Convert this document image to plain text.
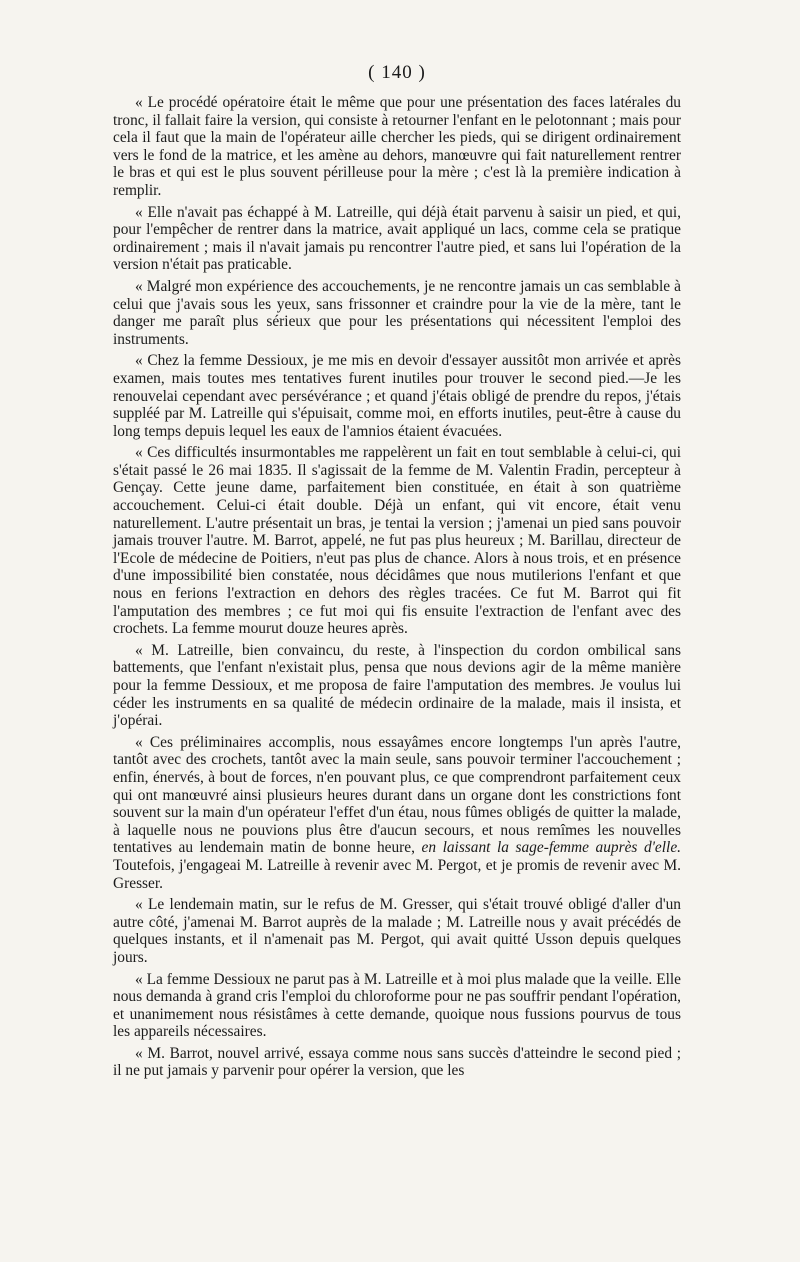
( 140 )

« Le procédé opératoire était le même que pour une présentation des faces latérales du tronc, il fallait faire la version, qui consiste à retourner l'enfant en le pelotonnant ; mais pour cela il faut que la main de l'opérateur aille chercher les pieds, qui se dirigent ordinairement vers le fond de la matrice, et les amène au dehors, manœuvre qui fait naturellement rentrer le bras et qui est le plus souvent périlleuse pour la mère ; c'est là la première indication à remplir.

« Elle n'avait pas échappé à M. Latreille, qui déjà était parvenu à saisir un pied, et qui, pour l'empêcher de rentrer dans la matrice, avait appliqué un lacs, comme cela se pratique ordinairement ; mais il n'avait jamais pu rencontrer l'autre pied, et sans lui l'opération de la version n'était pas praticable.

« Malgré mon expérience des accouchements, je ne rencontre jamais un cas semblable à celui que j'avais sous les yeux, sans frissonner et craindre pour la vie de la mère, tant le danger me paraît plus sérieux que pour les présentations qui nécessitent l'emploi des instruments.

« Chez la femme Dessioux, je me mis en devoir d'essayer aussitôt mon arrivée et après examen, mais toutes mes tentatives furent inutiles pour trouver le second pied.—Je les renouvelai cependant avec persévérance ; et quand j'étais obligé de prendre du repos, j'étais suppléé par M. Latreille qui s'épuisait, comme moi, en efforts inutiles, peut-être à cause du long temps depuis lequel les eaux de l'amnios étaient évacuées.

« Ces difficultés insurmontables me rappelèrent un fait en tout semblable à celui-ci, qui s'était passé le 26 mai 1835. Il s'agissait de la femme de M. Valentin Fradin, percepteur à Gençay. Cette jeune dame, parfaitement bien constituée, en était à son quatrième accouchement. Celui-ci était double. Déjà un enfant, qui vit encore, était venu naturellement. L'autre présentait un bras, je tentai la version ; j'amenai un pied sans pouvoir jamais trouver l'autre. M. Barrot, appelé, ne fut pas plus heureux ; M. Barillau, directeur de l'Ecole de médecine de Poitiers, n'eut pas plus de chance. Alors à nous trois, et en présence d'une impossibilité bien constatée, nous décidâmes que nous mutilerions l'enfant et que nous en ferions l'extraction en dehors des règles tracées. Ce fut M. Barrot qui fit l'amputation des membres ; ce fut moi qui fis ensuite l'extraction de l'enfant avec des crochets. La femme mourut douze heures après.

« M. Latreille, bien convaincu, du reste, à l'inspection du cordon ombilical sans battements, que l'enfant n'existait plus, pensa que nous devions agir de la même manière pour la femme Dessioux, et me proposa de faire l'amputation des membres. Je voulus lui céder les instruments en sa qualité de médecin ordinaire de la malade, mais il insista, et j'opérai.

« Ces préliminaires accomplis, nous essayâmes encore longtemps l'un après l'autre, tantôt avec des crochets, tantôt avec la main seule, sans pouvoir terminer l'accouchement ; enfin, énervés, à bout de forces, n'en pouvant plus, ce que comprendront parfaitement ceux qui ont manœuvré ainsi plusieurs heures durant dans un organe dont les constrictions font souvent sur la main d'un opérateur l'effet d'un étau, nous fûmes obligés de quitter la malade, à laquelle nous ne pouvions plus être d'aucun secours, et nous remîmes les nouvelles tentatives au lendemain matin de bonne heure, en laissant la sage-femme auprès d'elle. Toutefois, j'engageai M. Latreille à revenir avec M. Pergot, et je promis de revenir avec M. Gresser.

« Le lendemain matin, sur le refus de M. Gresser, qui s'était trouvé obligé d'aller d'un autre côté, j'amenai M. Barrot auprès de la malade ; M. Latreille nous y avait précédés de quelques instants, et il n'amenait pas M. Pergot, qui avait quitté Usson depuis quelques jours.

« La femme Dessioux ne parut pas à M. Latreille et à moi plus malade que la veille. Elle nous demanda à grand cris l'emploi du chloroforme pour ne pas souffrir pendant l'opération, et unanimement nous résistâmes à cette demande, quoique nous fussions pourvus de tous les appareils nécessaires.

« M. Barrot, nouvel arrivé, essaya comme nous sans succès d'atteindre le second pied ; il ne put jamais y parvenir pour opérer la version, que les
